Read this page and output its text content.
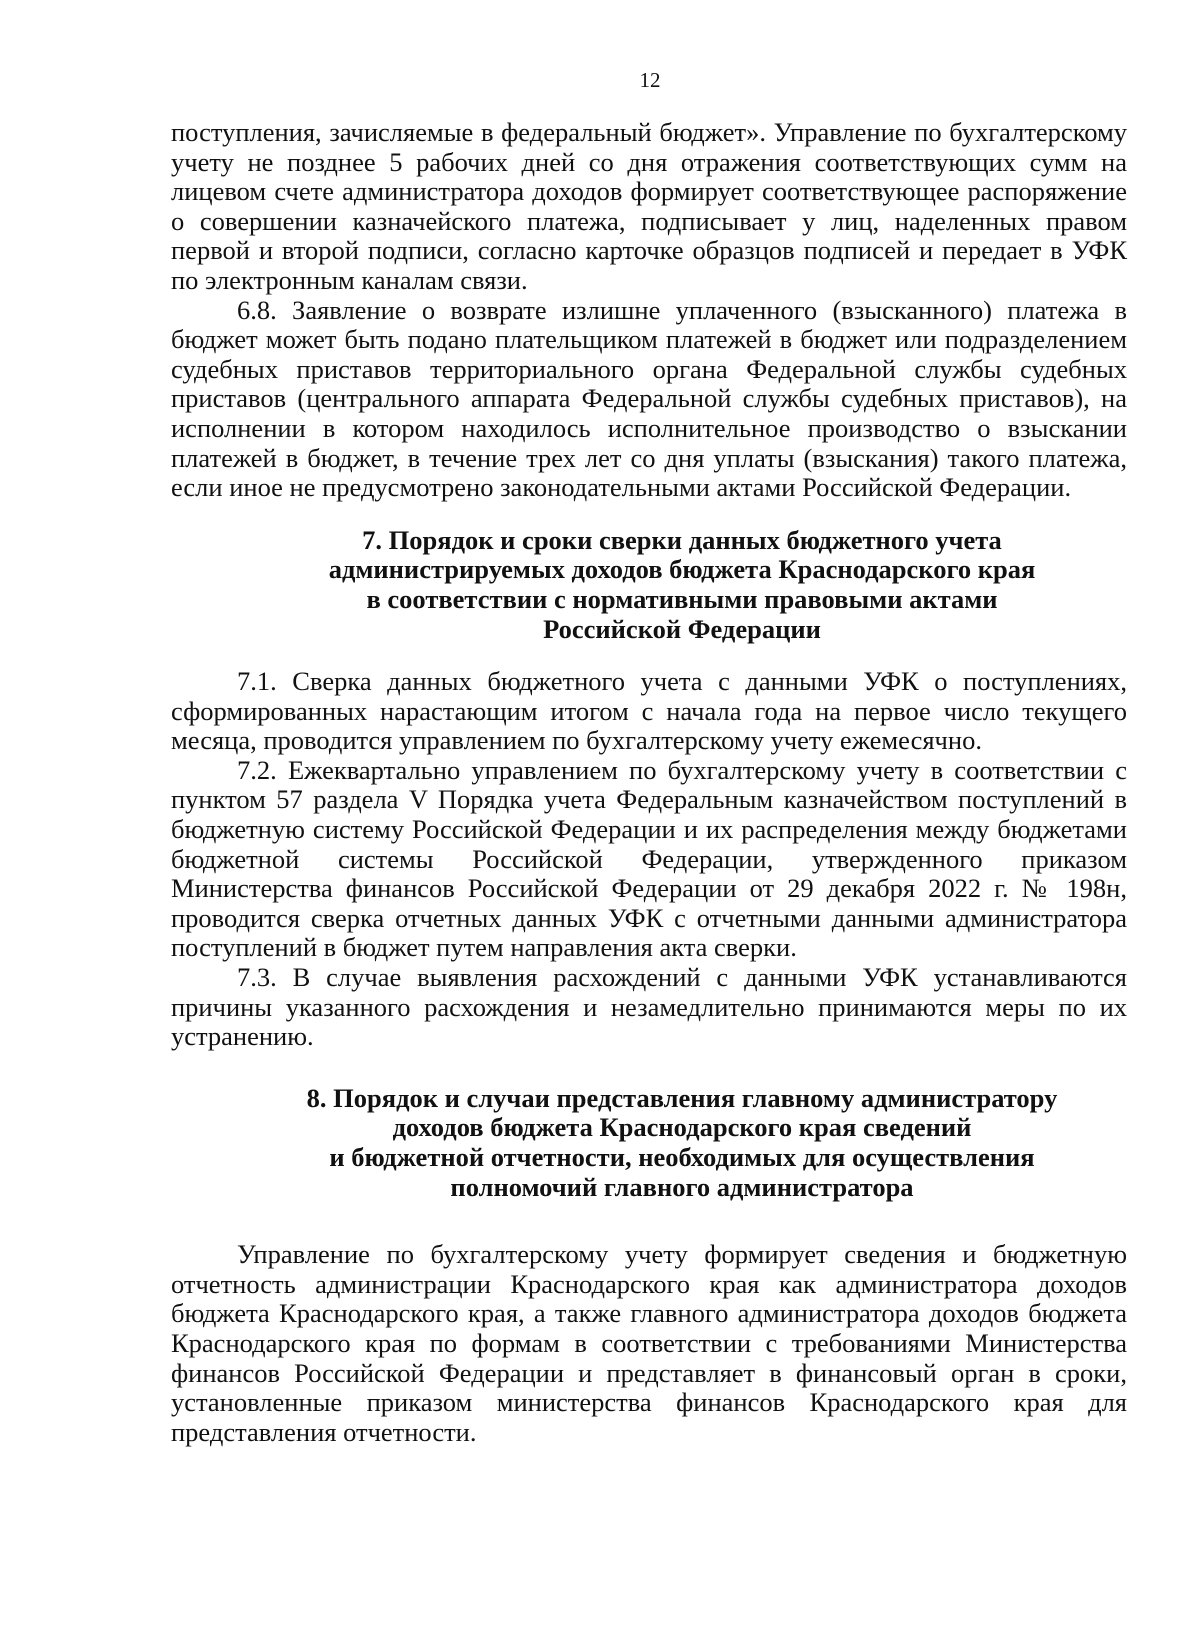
12

поступления, зачисляемые в федеральный бюджет». Управление по бухгалтерскому учету не позднее 5 рабочих дней со дня отражения соответствующих сумм на лицевом счете администратора доходов формирует соответствующее распоряжение о совершении казначейского платежа, подписывает у лиц, наделенных правом первой и второй подписи, согласно карточке образцов подписей и передает в УФК по электронным каналам связи.

6.8. Заявление о возврате излишне уплаченного (взысканного) платежа в бюджет может быть подано плательщиком платежей в бюджет или подразделением судебных приставов территориального органа Федеральной службы судебных приставов (центрального аппарата Федеральной службы судебных приставов), на исполнении в котором находилось исполнительное производство о взыскании платежей в бюджет, в течение трех лет со дня уплаты (взыскания) такого платежа, если иное не предусмотрено законодательными актами Российской Федерации.

7. Порядок и сроки сверки данных бюджетного учета
администрируемых доходов бюджета Краснодарского края
в соответствии с нормативными правовыми актами
Российской Федерации

7.1. Сверка данных бюджетного учета с данными УФК о поступлениях, сформированных нарастающим итогом с начала года на первое число текущего месяца, проводится управлением по бухгалтерскому учету ежемесячно.

7.2. Ежеквартально управлением по бухгалтерскому учету в соответствии с пунктом 57 раздела V Порядка учета Федеральным казначейством поступлений в бюджетную систему Российской Федерации и их распределения между бюджетами бюджетной системы Российской Федерации, утвержденного приказом Министерства финансов Российской Федерации от 29 декабря 2022 г. № 198н, проводится сверка отчетных данных УФК с отчетными данными администратора поступлений в бюджет путем направления акта сверки.

7.3. В случае выявления расхождений с данными УФК устанавливаются причины указанного расхождения и незамедлительно принимаются меры по их устранению.

8. Порядок и случаи представления главному администратору
доходов бюджета Краснодарского края сведений
и бюджетной отчетности, необходимых для осуществления
полномочий главного администратора

Управление по бухгалтерскому учету формирует сведения и бюджетную отчетность администрации Краснодарского края как администратора доходов бюджета Краснодарского края, а также главного администратора доходов бюджета Краснодарского края по формам в соответствии с требованиями Министерства финансов Российской Федерации и представляет в финансовый орган в сроки, установленные приказом министерства финансов Краснодарского края для представления отчетности.
